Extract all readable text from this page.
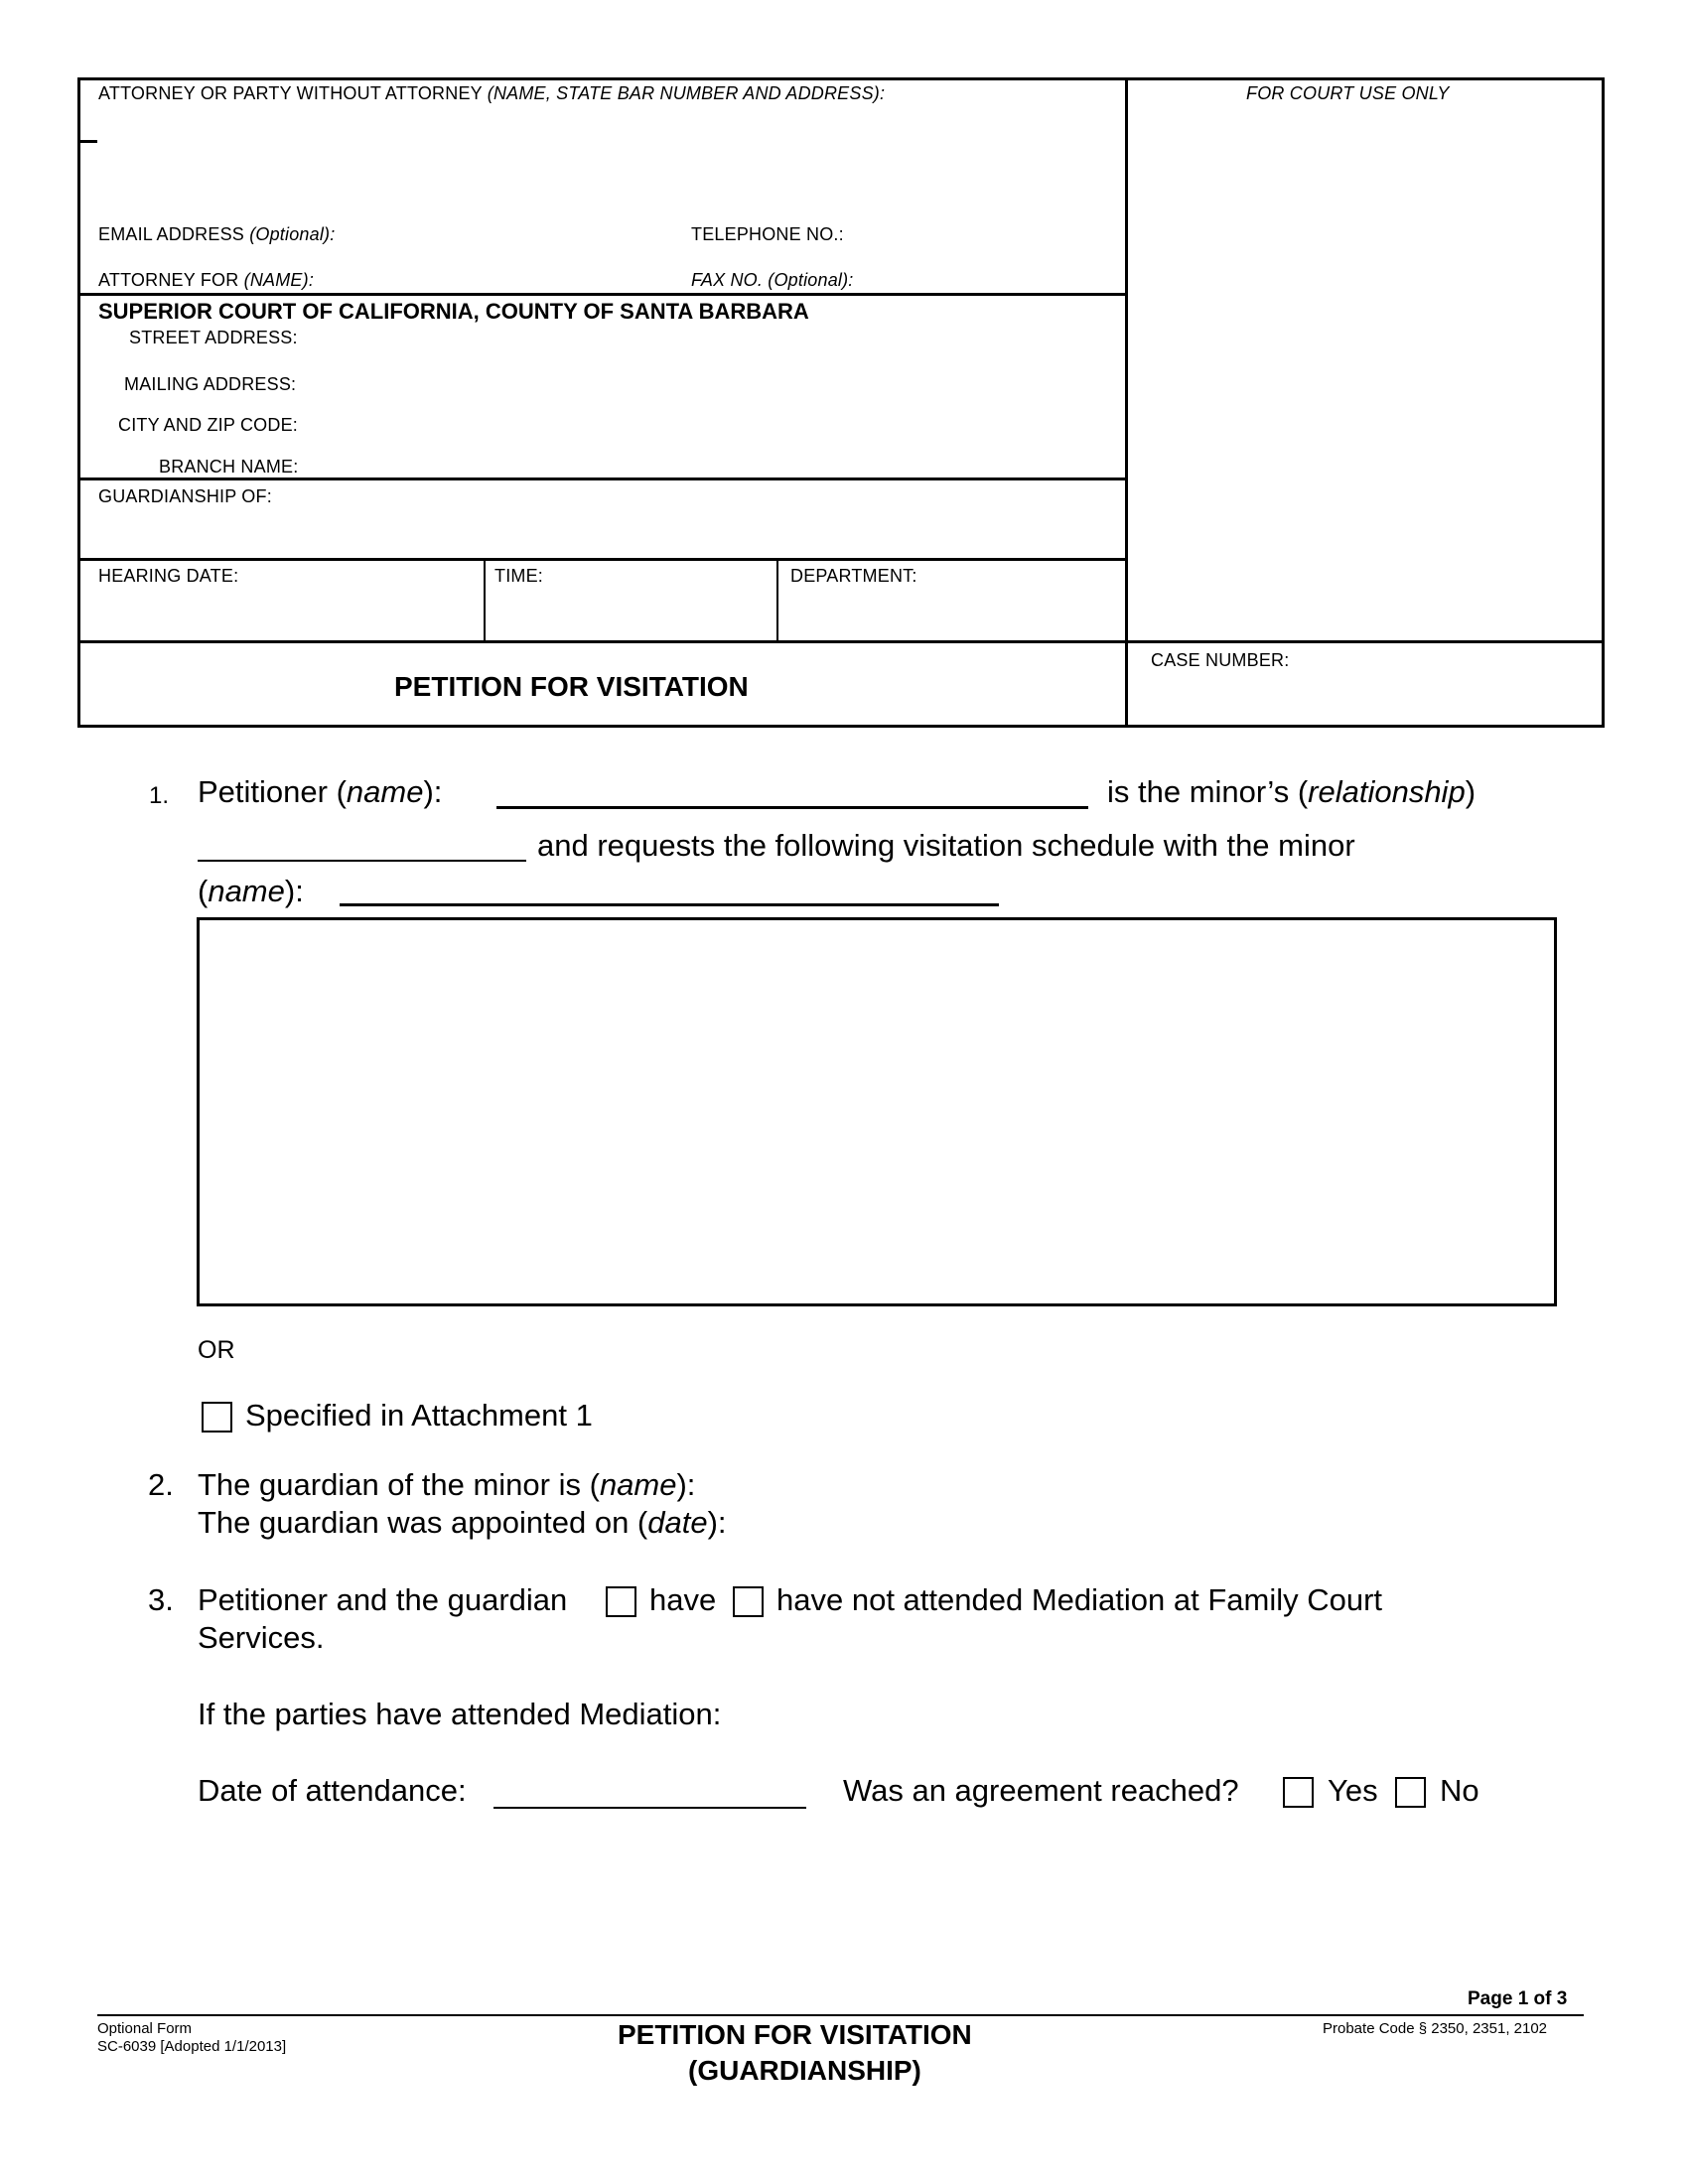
ATTORNEY OR PARTY WITHOUT ATTORNEY (NAME, STATE BAR NUMBER AND ADDRESS):	FOR COURT USE ONLY
EMAIL ADDRESS (Optional):	TELEPHONE NO.:
ATTORNEY FOR (NAME):	FAX NO. (Optional):
SUPERIOR COURT OF CALIFORNIA, COUNTY OF SANTA BARBARA
STREET ADDRESS:
MAILING ADDRESS:
CITY AND ZIP CODE:
BRANCH NAME:
GUARDIANSHIP OF:
HEARING DATE:	TIME:	DEPARTMENT:
CASE NUMBER:
PETITION FOR VISITATION
1. Petitioner (name):	is the minor’s (relationship)
and requests the following visitation schedule with the minor
(name):
OR
Specified in Attachment 1
2. The guardian of the minor is (name):
The guardian was appointed on (date):
3. Petitioner and the guardian	have have not attended Mediation at Family Court
Services.
If the parties have attended Mediation:
Date of attendance:	Was an agreement reached?	Yes No
Page 1 of 3
Optional Form
SC-6039 [Adopted 1/1/2013]	PETITION FOR VISITATION
(GUARDIANSHIP)
Probate Code § 2350, 2351, 2102
